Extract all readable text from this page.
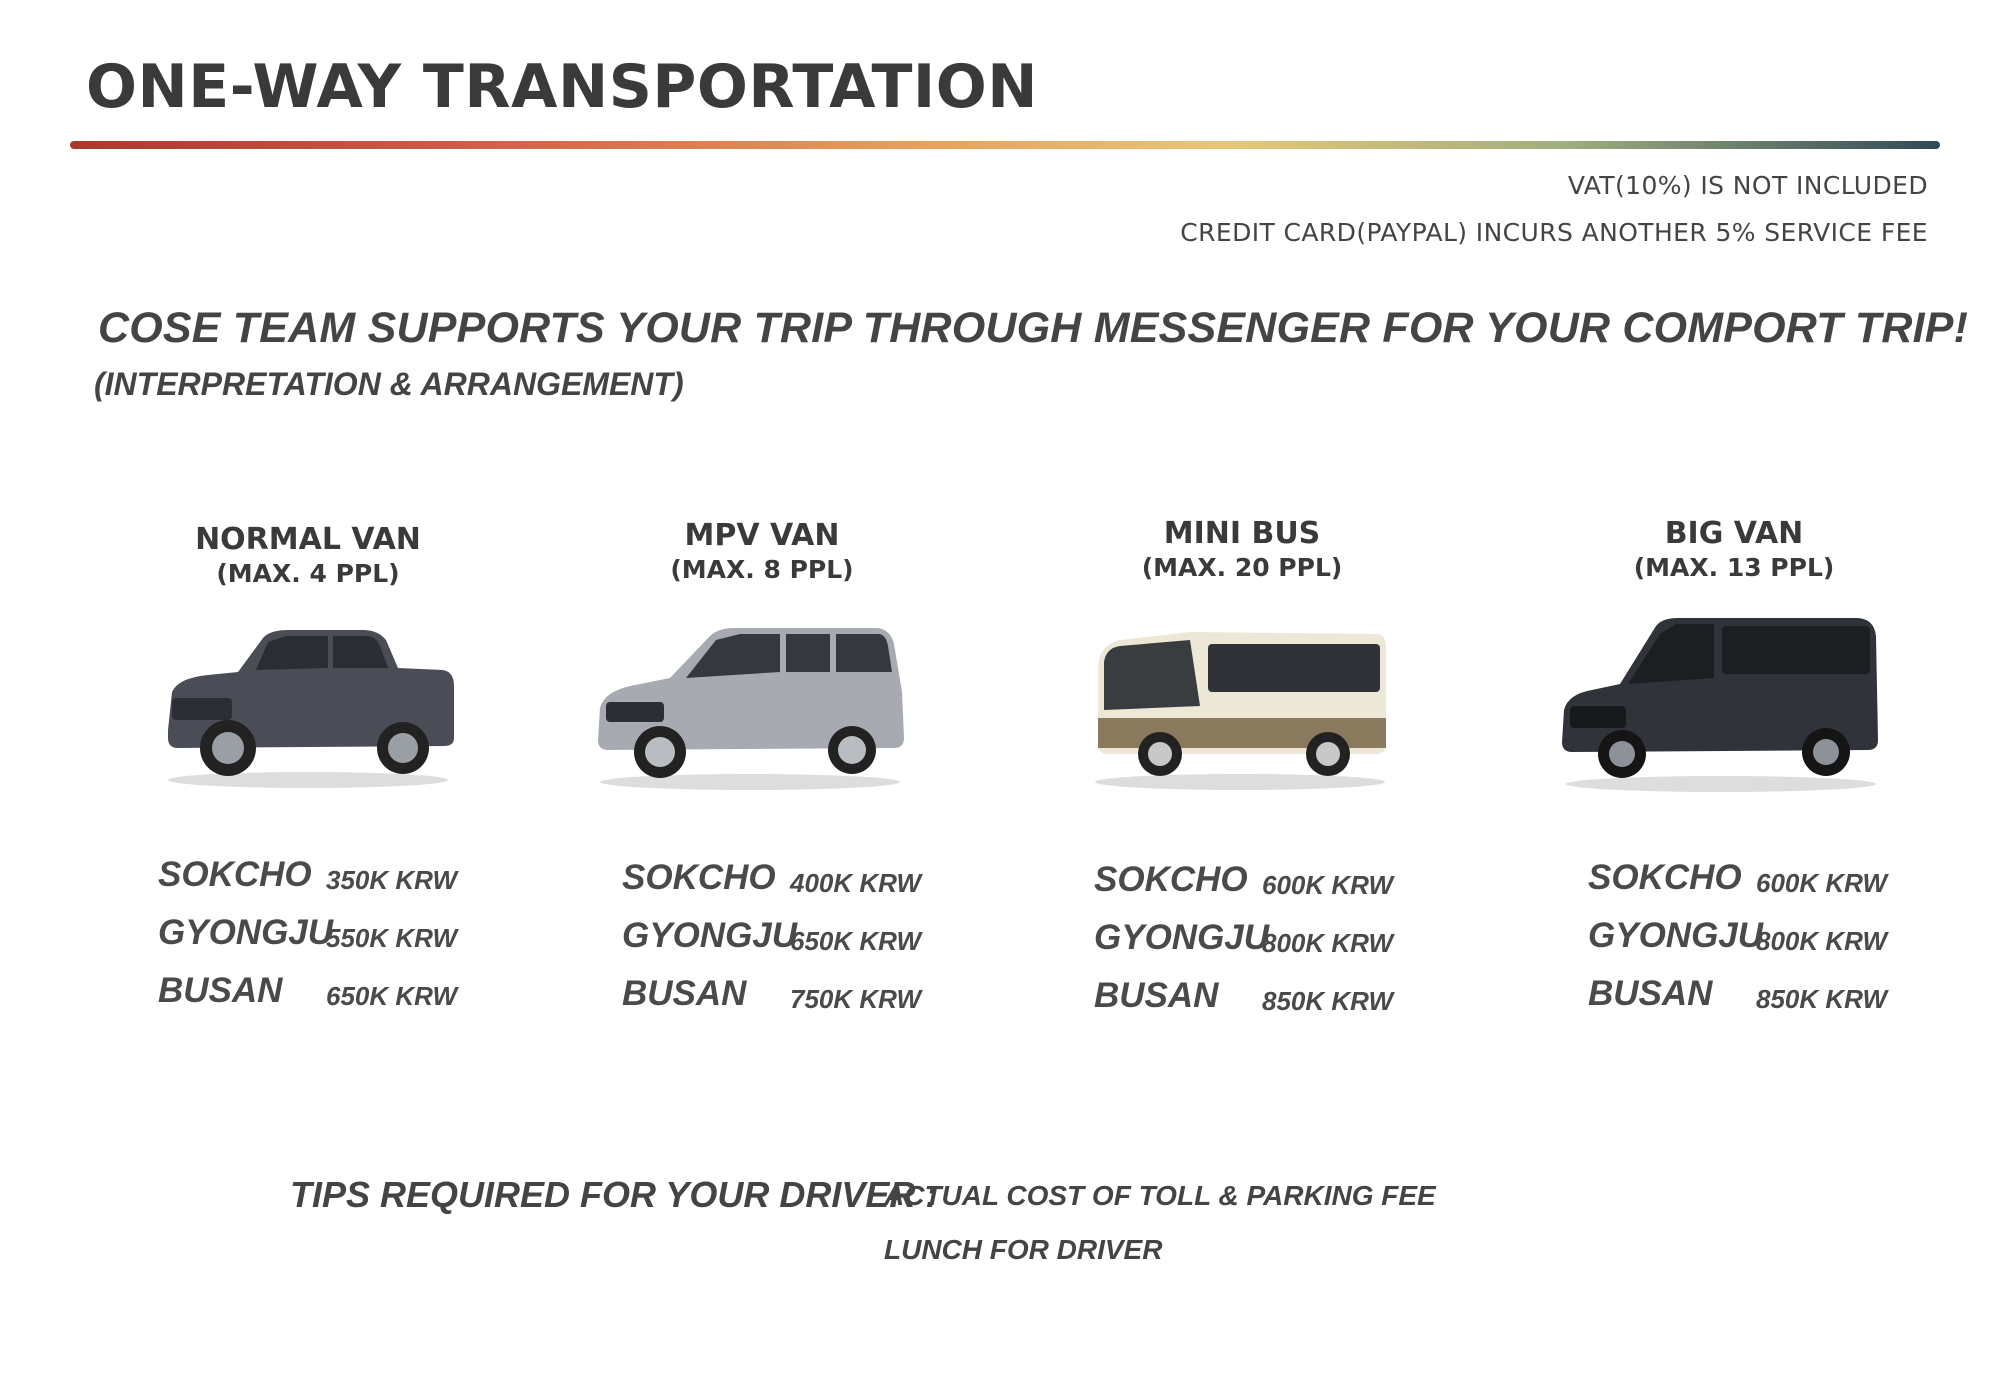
ONE-WAY TRANSPORTATION
VAT(10%) IS NOT INCLUDED
CREDIT CARD(PAYPAL) INCURS ANOTHER 5% SERVICE FEE
COSE TEAM SUPPORTS YOUR TRIP THROUGH MESSENGER FOR YOUR COMPORT TRIP!
(INTERPRETATION & ARRANGEMENT)
NORMAL VAN
(MAX. 4 PPL)
SOKCHO 350K KRW
GYONGJU
550K KRW
BUSAN 650K KRW
MPV VAN
(MAX. 8 PPL)
SOKCHO 400K KRW
GYONGJU
650K KRW
BUSAN 750K KRW
MINI BUS
(MAX. 20 PPL)
SOKCHO 600K KRW
GYONGJU
800K KRW
BUSAN 850K KRW
BIG VAN
(MAX. 13 PPL)
SOKCHO 600K KRW
GYONGJU
800K KRW
BUSAN 850K KRW
TIPS REQUIRED FOR YOUR DRIVER :
ACTUAL COST OF TOLL & PARKING FEE
LUNCH FOR DRIVER
